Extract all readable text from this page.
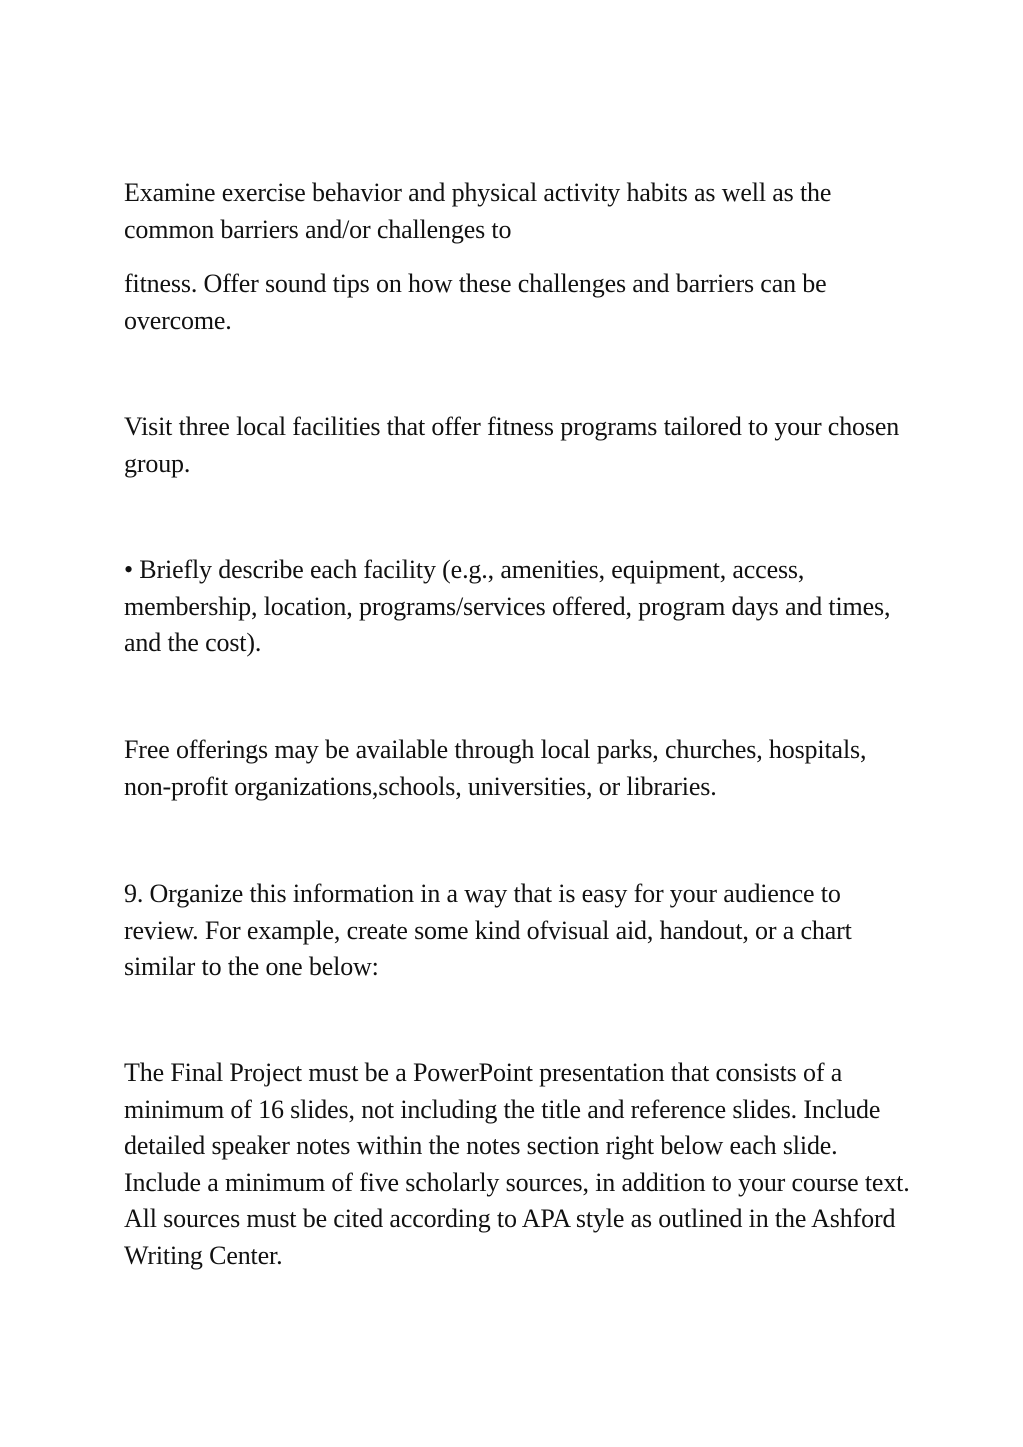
Examine exercise behavior and physical activity habits as well as the common barriers and/or challenges to

fitness. Offer sound tips on how these challenges and barriers can be overcome.

Visit three local facilities that offer fitness programs tailored to your chosen group.

• Briefly describe each facility (e.g., amenities, equipment, access, membership, location, programs/services offered, program days and times, and the cost).

Free offerings may be available through local parks, churches, hospitals, non-profit organizations,schools, universities, or libraries.

9. Organize this information in a way that is easy for your audience to review. For example, create some kind ofvisual aid, handout, or a chart similar to the one below:

The Final Project must be a PowerPoint presentation that consists of a minimum of 16 slides, not including the title and reference slides. Include detailed speaker notes within the notes section right below each slide. Include a minimum of five scholarly sources, in addition to your course text. All sources must be cited according to APA style as outlined in the Ashford Writing Center.
